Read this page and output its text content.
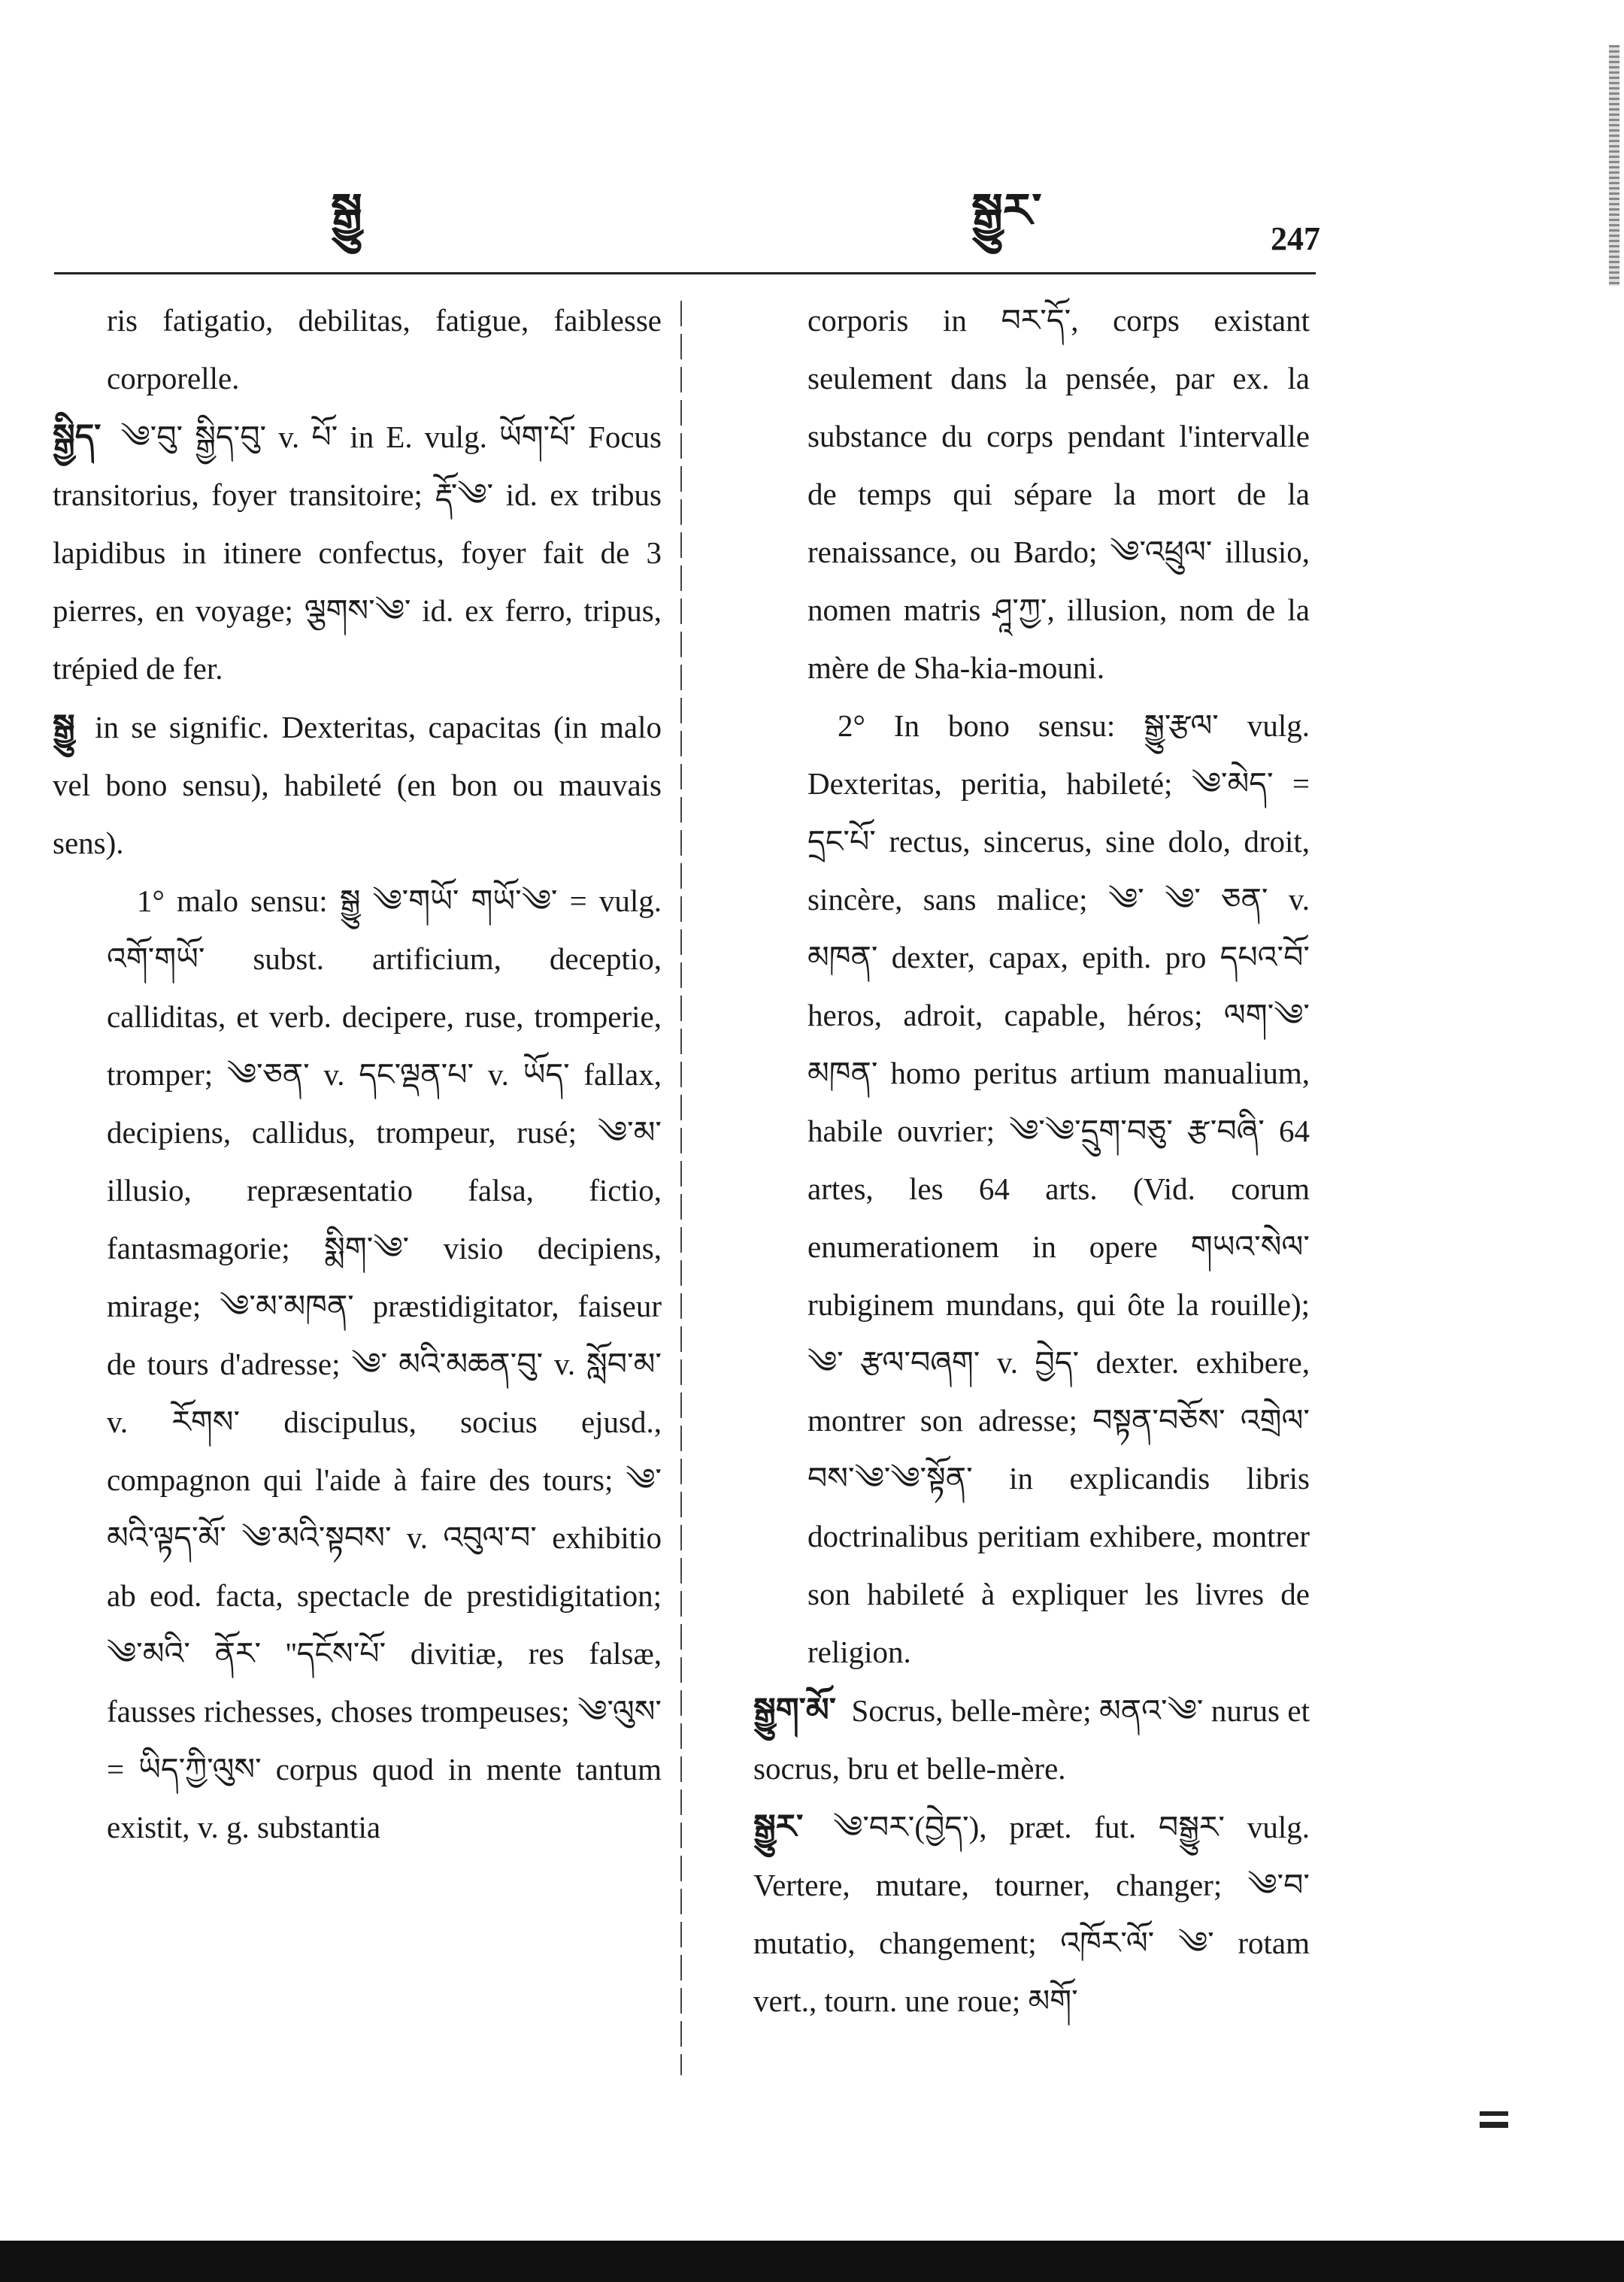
སྒྱུ	སྒྱུར་
247

ris fatigatio, debilitas, fatigue, faiblesse corporelle.

སྒྱིད་ ༄་བུ་ སྒྱིད་བུ་ v. པོ་ in E. vulg. ཡོག་པོ་ Focus transitorius, foyer transitoire; རྡོ་༄་ id. ex tribus lapidibus in itinere confectus, foyer fait de 3 pierres, en voyage; ལྕགས་༄་ id. ex ferro, tripus, trépied de fer.

སྒྱུ in se signific. Dexteritas, capacitas (in malo vel bono sensu), habileté (en bon ou mauvais sens).

1° malo sensu: སྒྱུ ༄་གཡོ་ གཡོ་༄་ = vulg. འགོ་གཡོ་ subst. artificium, deceptio, calliditas, et verb. decipere, ruse, tromperie, tromper; ༄་ཅན་ v. དང་ལྡན་པ་ v. ཡོད་ fallax, decipiens, callidus, trompeur, rusé; ༄་མ་ illusio, repræsentatio falsa, fictio, fantasmagorie; སྨིག་༄་ visio decipiens, mirage; ༄་མ་མཁན་ præstidigitator, faiseur de tours d'adresse; ༄་ མའི་མཆན་བུ་ v. སློབ་མ་ v. རོགས་ discipulus, socius ejusd., compagnon qui l'aide à faire des tours; ༄་མའི་ལྟད་མོ་ ༄་མའི་སྟབས་ v. འབུལ་བ་ exhibitio ab eod. facta, spectacle de prestidigitation; ༄་མའི་ ནོར་ ''དངོས་པོ་ divitiæ, res falsæ, fausses richesses, choses trompeuses; ༄་ལུས་ = ཡིད་ཀྱི་ལུས་ corpus quod in mente tantum existit, v. g. substantia

corporis in བར་དོ་, corps existant seulement dans la pensée, par ex. la substance du corps pendant l'intervalle de temps qui sépare la mort de la renaissance, ou Bardo; ༄་འཕྲུལ་ illusio, nomen matris ཤཱ་ཀྱ་, illusion, nom de la mère de Sha-kia-mouni.

2° In bono sensu: སྒྱུ་རྩལ་ vulg. Dexteritas, peritia, habileté; ༄་མེད་ = དྲང་པོ་ rectus, sincerus, sine dolo, droit, sincère, sans malice; ༄་ ༄་ ཅན་ v. མཁན་ dexter, capax, epith. pro དཔའ་བོ་ heros, adroit, capable, héros; ལག་༄་ མཁན་ homo peritus artium manualium, habile ouvrier; ༄་༄་དྲུག་བཅུ་ རྩ་བཞི་ 64 artes, les 64 arts. (Vid. corum enumerationem in opere གཡའ་སེལ་ rubiginem mundans, qui ôte la rouille); ༄་ རྩལ་བཞག་ v. བྱེད་ dexter. exhibere, montrer son adresse; བསྟན་བཅོས་ འགྲེལ་བས་༄་༄་སྟོན་ in explicandis libris doctrinalibus peritiam exhibere, montrer son habileté à expliquer les livres de religion.

སྒྱུག་མོ་ Socrus, belle-mère; མནའ་༄་ nurus et socrus, bru et belle-mère.

སྒྱུར་ ༄་བར་(བྱེད་), præt. fut. བསྒྱུར་ vulg. Vertere, mutare, tourner, changer; ༄་བ་ mutatio, changement; འཁོར་ལོ་ ༄་ rotam vert., tourn. une roue; མགོ་
